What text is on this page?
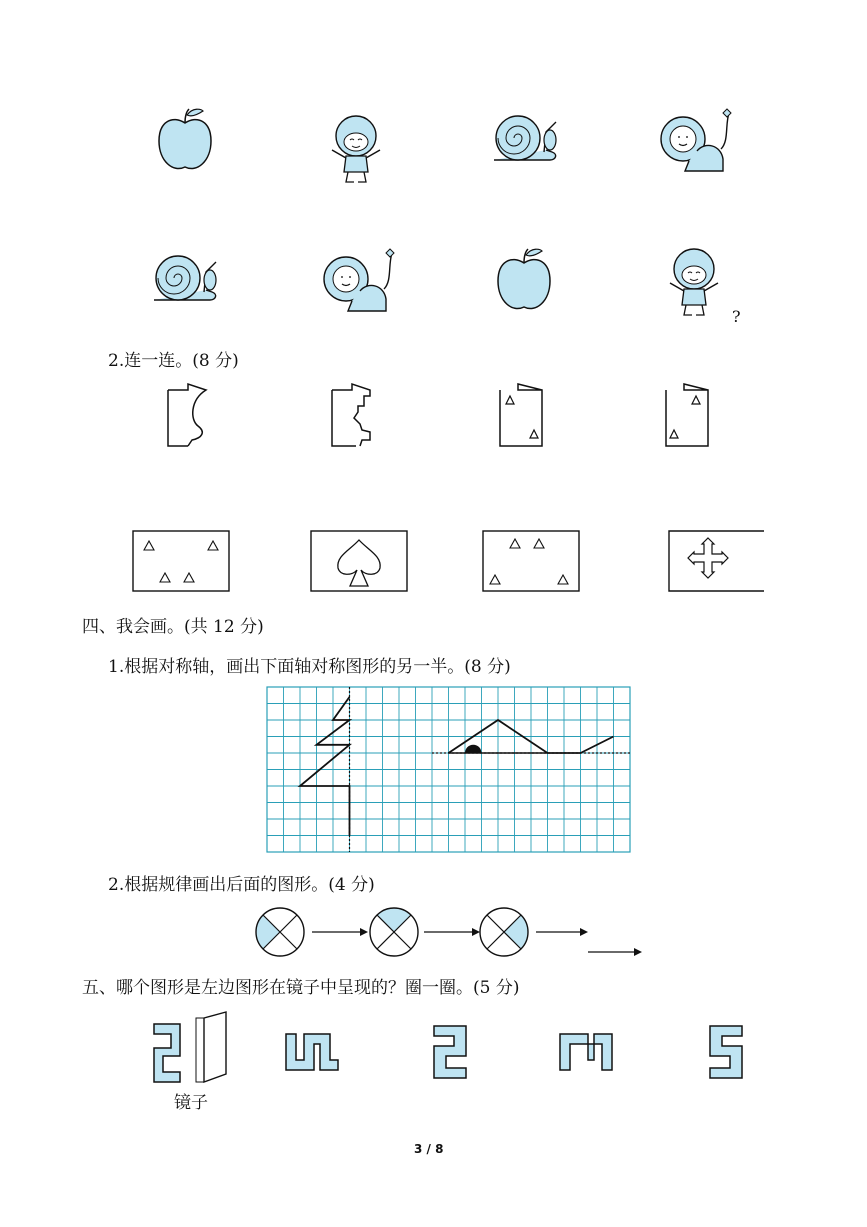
?
2.连一连。(8 分)
四、我会画。(共 12 分)
1.根据对称轴，画出下面轴对称图形的另一半。(8 分)
2.根据规律画出后面的图形。(4 分)
五、哪个图形是左边图形在镜子中呈现的？圈一圈。(5 分)
镜子
3 / 8
